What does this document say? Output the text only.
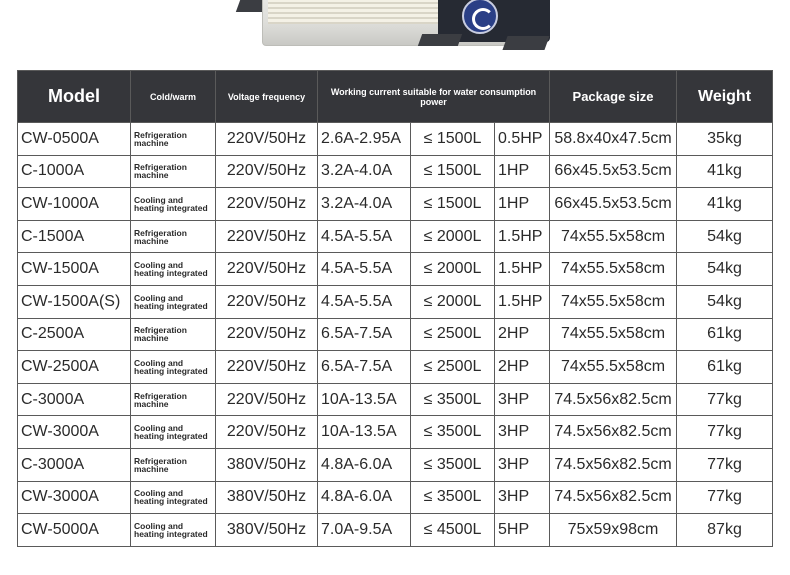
Model	Cold/warm	Voltage frequency	Working current suitable for water consumption power			Package size	Weight
CW-0500A	Refrigeration machine	220V/50Hz	2.6A-2.95A	≤ 1500L	0.5HP	58.8x40x47.5cm	35kg
C-1000A	Refrigeration machine	220V/50Hz	3.2A-4.0A	≤ 1500L	1HP	66x45.5x53.5cm	41kg
CW-1000A	Cooling and heating integrated	220V/50Hz	3.2A-4.0A	≤ 1500L	1HP	66x45.5x53.5cm	41kg
C-1500A	Refrigeration machine	220V/50Hz	4.5A-5.5A	≤ 2000L	1.5HP	74x55.5x58cm	54kg
CW-1500A	Cooling and heating integrated	220V/50Hz	4.5A-5.5A	≤ 2000L	1.5HP	74x55.5x58cm	54kg
CW-1500A(S)	Cooling and heating integrated	220V/50Hz	4.5A-5.5A	≤ 2000L	1.5HP	74x55.5x58cm	54kg
C-2500A	Refrigeration machine	220V/50Hz	6.5A-7.5A	≤ 2500L	2HP	74x55.5x58cm	61kg
CW-2500A	Cooling and heating integrated	220V/50Hz	6.5A-7.5A	≤ 2500L	2HP	74x55.5x58cm	61kg
C-3000A	Refrigeration machine	220V/50Hz	10A-13.5A	≤ 3500L	3HP	74.5x56x82.5cm	77kg
CW-3000A	Cooling and heating integrated	220V/50Hz	10A-13.5A	≤ 3500L	3HP	74.5x56x82.5cm	77kg
C-3000A	Refrigeration machine	380V/50Hz	4.8A-6.0A	≤ 3500L	3HP	74.5x56x82.5cm	77kg
CW-3000A	Cooling and heating integrated	380V/50Hz	4.8A-6.0A	≤ 3500L	3HP	74.5x56x82.5cm	77kg
CW-5000A	Cooling and heating integrated	380V/50Hz	7.0A-9.5A	≤ 4500L	5HP	75x59x98cm	87kg
